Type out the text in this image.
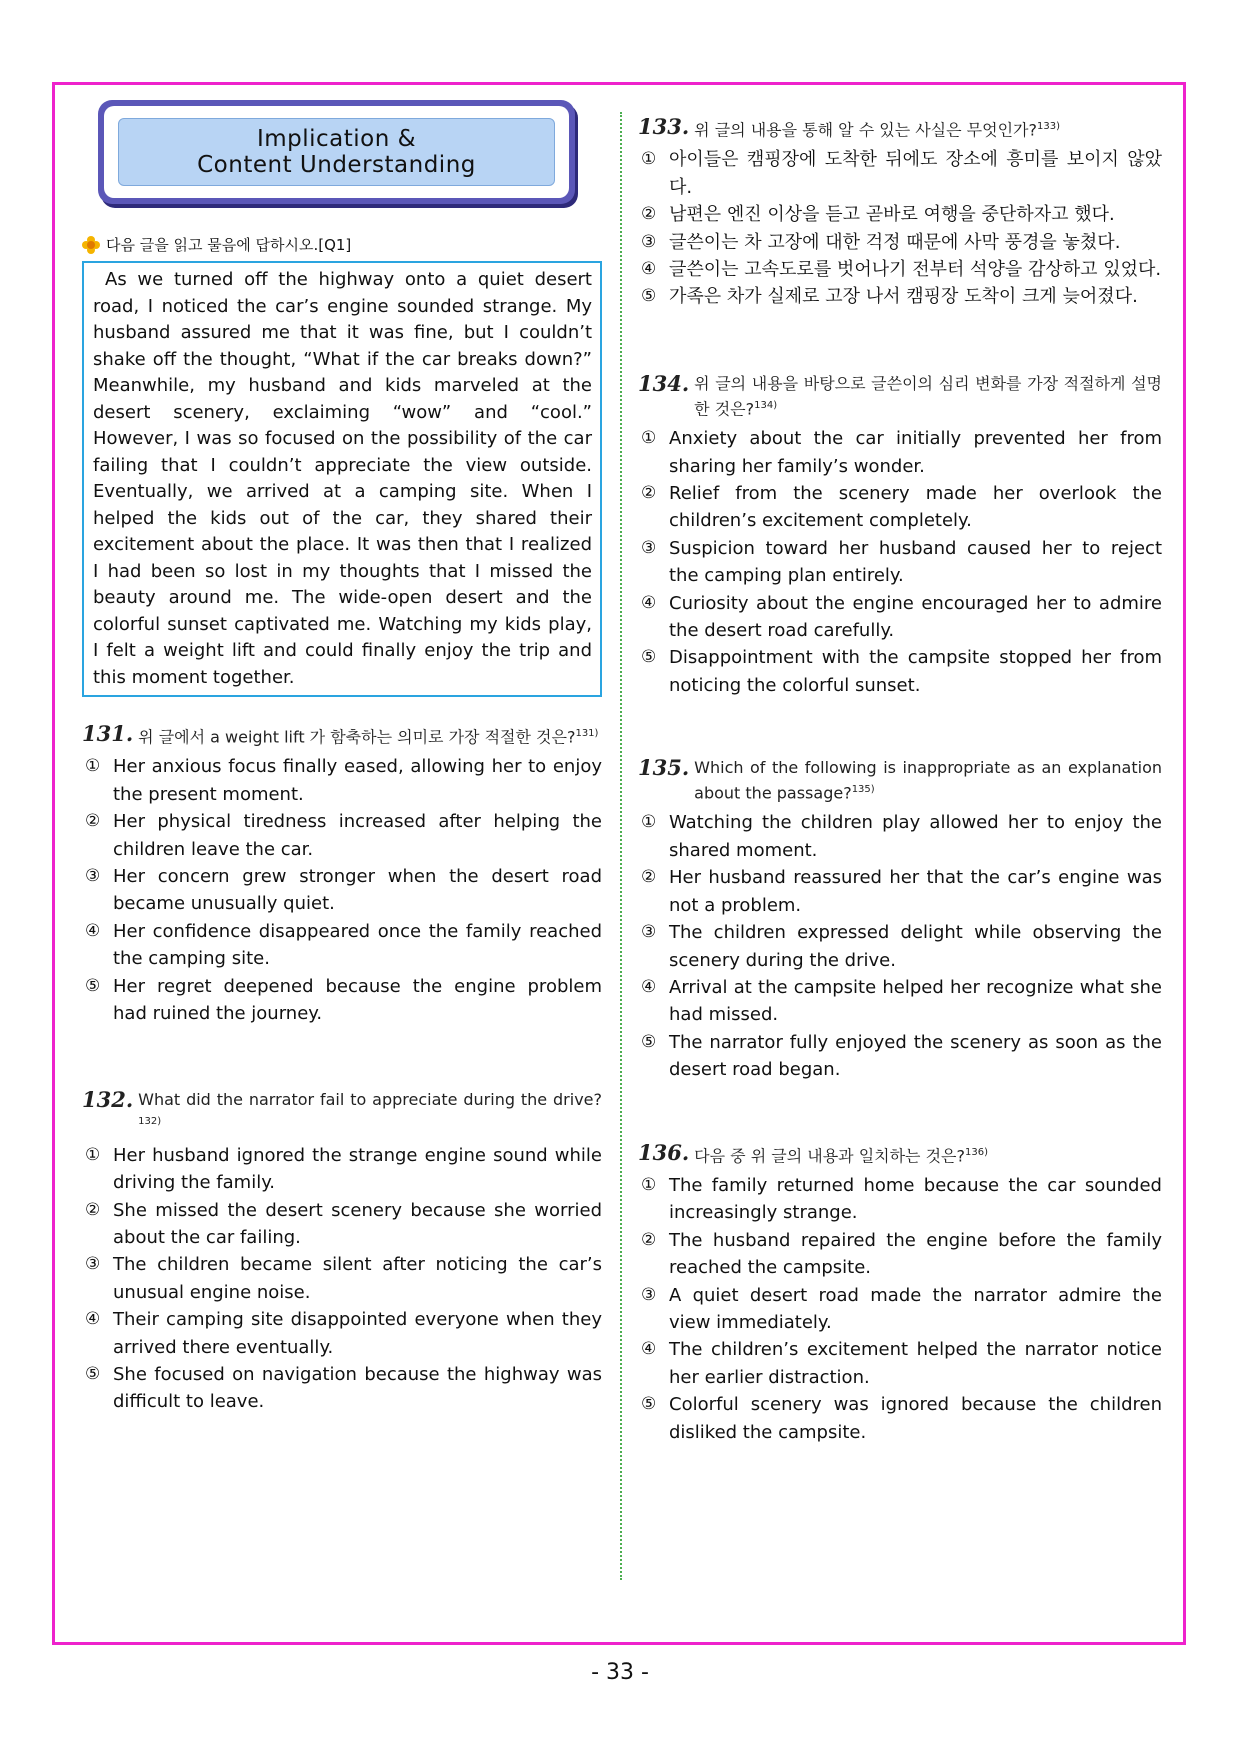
Implication &
Content Understanding
다음 글을 읽고 물음에 답하시오.[Q1]
As we turned off the highway onto a quiet desert road, I noticed the car’s engine sounded strange. My husband assured me that it was fine, but I couldn’t shake off the thought, “What if the car breaks down?” Meanwhile, my husband and kids marveled at the desert scenery, exclaiming “wow” and “cool.” However, I was so focused on the possibility of the car failing that I couldn’t appreciate the view outside. Eventually, we arrived at a camping site. When I helped the kids out of the car, they shared their excitement about the place. It was then that I realized I had been so lost in my thoughts that I missed the beauty around me. The wide-open desert and the colorful sunset captivated me. Watching my kids play, I felt a weight lift and could finally enjoy the trip and this moment together.
131. 위 글에서 a weight lift 가 함축하는 의미로 가장 적절한 것은?$^{131)}$
① Her anxious focus finally eased, allowing her to enjoy the present moment.
② Her physical tiredness increased after helping the children leave the car.
③ Her concern grew stronger when the desert road became unusually quiet.
④ Her confidence disappeared once the family reached the camping site.
⑤ Her regret deepened because the engine problem had ruined the journey.
132. What did the narrator fail to appreciate during the drive?$^{132)}$
① Her husband ignored the strange engine sound while driving the family.
② She missed the desert scenery because she worried about the car failing.
③ The children became silent after noticing the car’s unusual engine noise.
④ Their camping site disappointed everyone when they arrived there eventually.
⑤ She focused on navigation because the highway was difficult to leave.
133. 위 글의 내용을 통해 알 수 있는 사실은 무엇인가?$^{133)}$
① 아이들은 캠핑장에 도착한 뒤에도 장소에 흥미를 보이지 않았다.
② 남편은 엔진 이상을 듣고 곧바로 여행을 중단하자고 했다.
③ 글쓴이는 차 고장에 대한 걱정 때문에 사막 풍경을 놓쳤다.
④ 글쓴이는 고속도로를 벗어나기 전부터 석양을 감상하고 있었다.
⑤ 가족은 차가 실제로 고장 나서 캠핑장 도착이 크게 늦어졌다.
134. 위 글의 내용을 바탕으로 글쓴이의 심리 변화를 가장 적절하게 설명한 것은?$^{134)}$
① Anxiety about the car initially prevented her from sharing her family’s wonder.
② Relief from the scenery made her overlook the children’s excitement completely.
③ Suspicion toward her husband caused her to reject the camping plan entirely.
④ Curiosity about the engine encouraged her to admire the desert road carefully.
⑤ Disappointment with the campsite stopped her from noticing the colorful sunset.
135. Which of the following is inappropriate as an explanation about the passage?$^{135)}$
① Watching the children play allowed her to enjoy the shared moment.
② Her husband reassured her that the car’s engine was not a problem.
③ The children expressed delight while observing the scenery during the drive.
④ Arrival at the campsite helped her recognize what she had missed.
⑤ The narrator fully enjoyed the scenery as soon as the desert road began.
136. 다음 중 위 글의 내용과 일치하는 것은?$^{136)}$
① The family returned home because the car sounded increasingly strange.
② The husband repaired the engine before the family reached the campsite.
③ A quiet desert road made the narrator admire the view immediately.
④ The children’s excitement helped the narrator notice her earlier distraction.
⑤ Colorful scenery was ignored because the children disliked the campsite.
- 33 -
